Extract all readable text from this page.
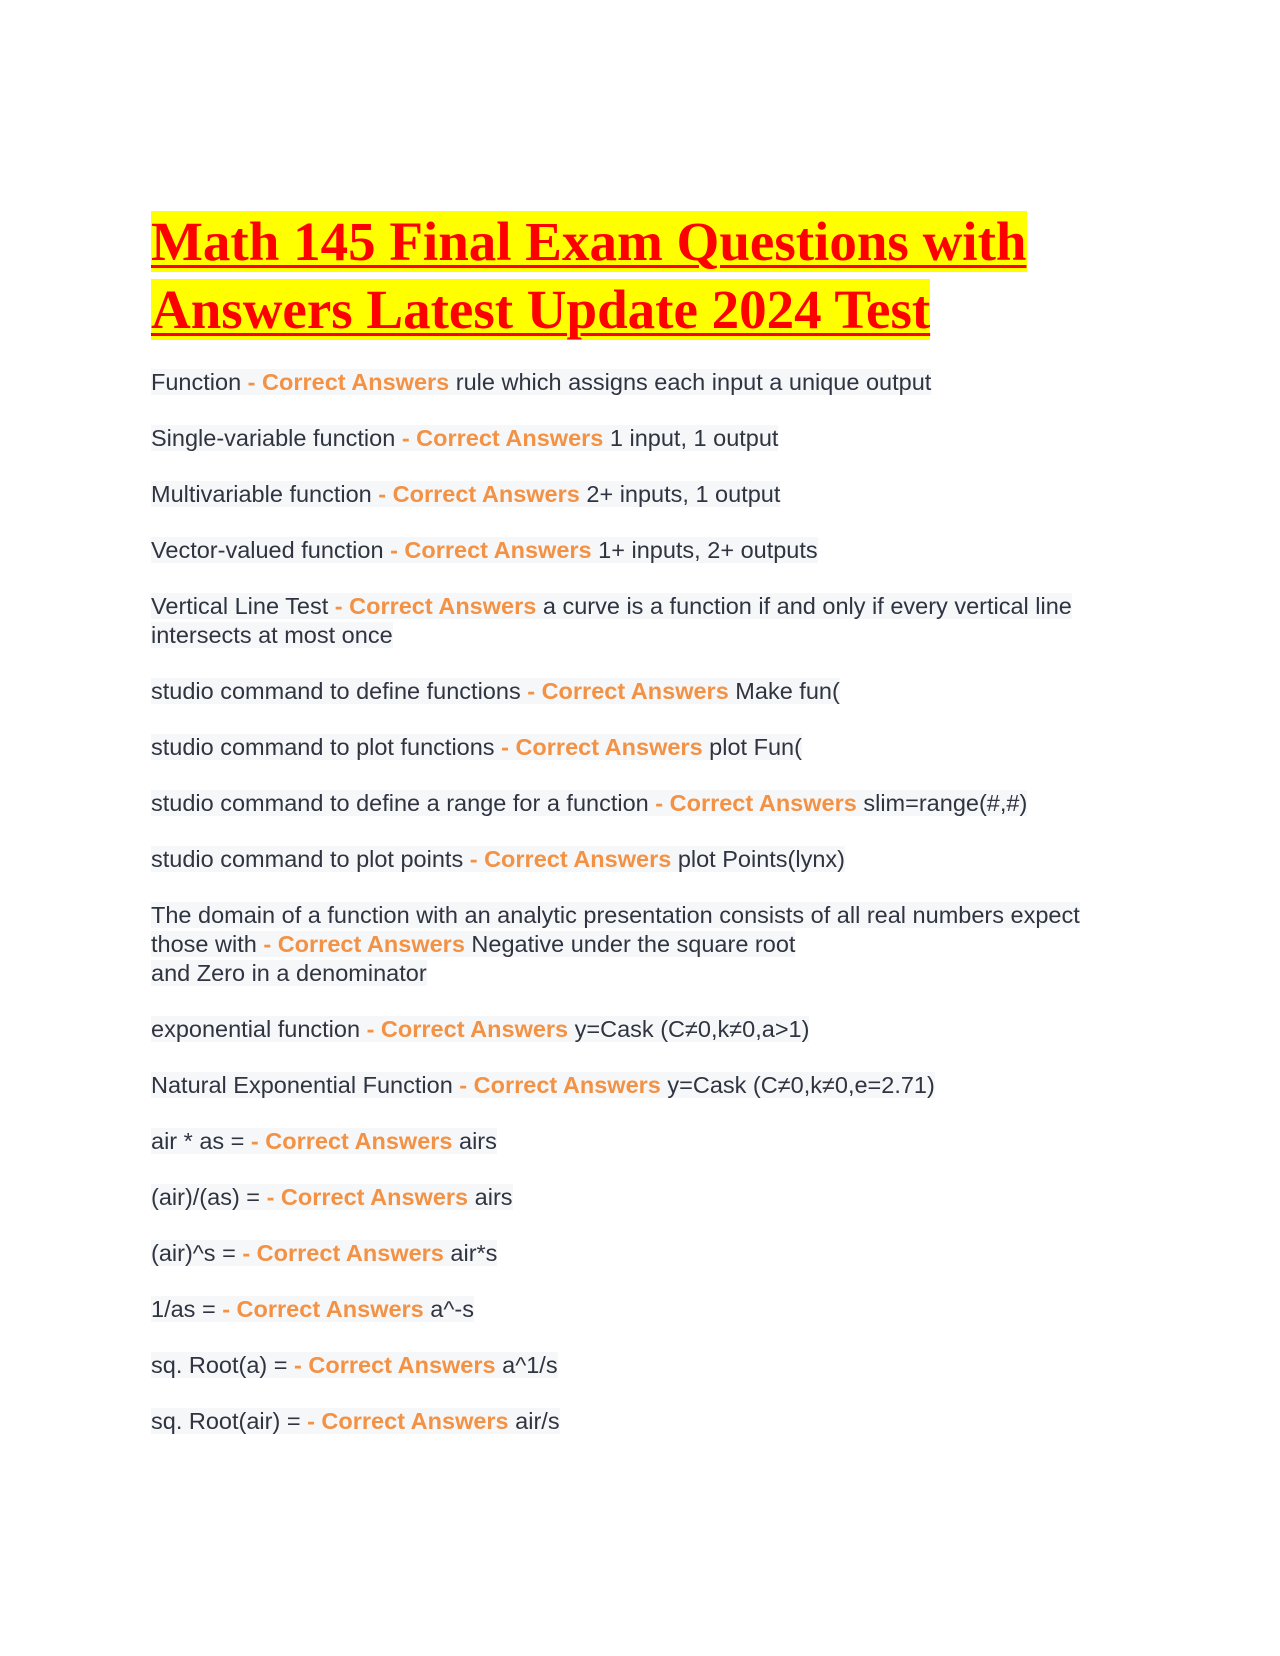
Math 145 Final Exam Questions with
Answers Latest Update 2024 Test

Function - Correct Answers rule which assigns each input a unique output

Single-variable function - Correct Answers 1 input, 1 output

Multivariable function - Correct Answers 2+ inputs, 1 output

Vector-valued function - Correct Answers 1+ inputs, 2+ outputs

Vertical Line Test - Correct Answers a curve is a function if and only if every vertical line intersects at most once

studio command to define functions - Correct Answers Make fun(

studio command to plot functions - Correct Answers plot Fun(

studio command to define a range for a function - Correct Answers slim=range(#,#)

studio command to plot points - Correct Answers plot Points(lynx)

The domain of a function with an analytic presentation consists of all real numbers expect those with - Correct Answers Negative under the square root
and Zero in a denominator

exponential function - Correct Answers y=Cask (C≠0,k≠0,a>1)

Natural Exponential Function - Correct Answers y=Cask (C≠0,k≠0,e=2.71)

air * as = - Correct Answers airs

(air)/(as) = - Correct Answers airs

(air)^s = - Correct Answers air*s

1/as = - Correct Answers a^-s

sq. Root(a) = - Correct Answers a^1/s

sq. Root(air) = - Correct Answers air/s
